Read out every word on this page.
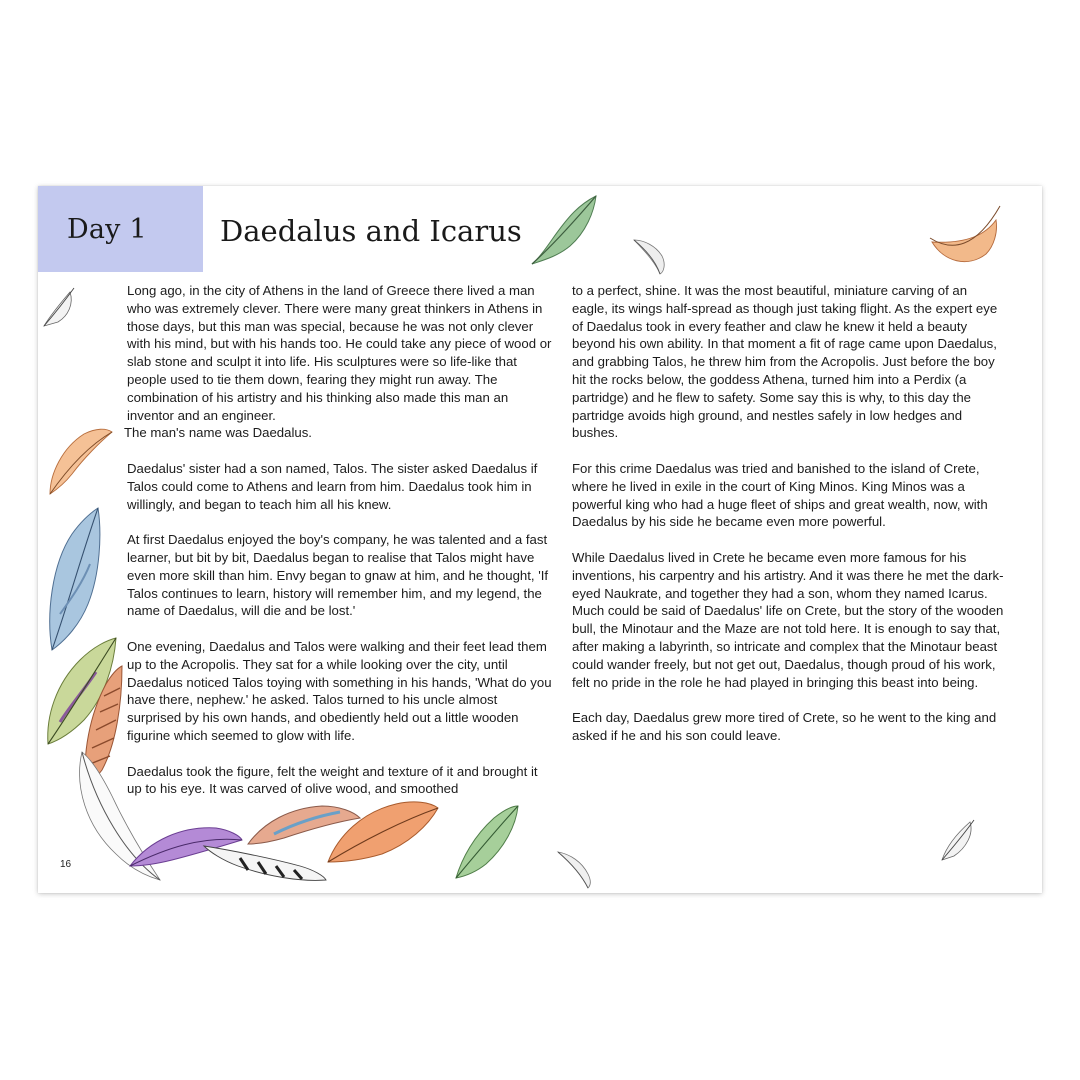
Day 1	Daedalus and Icarus

Long ago, in the city of Athens in the land of Greece there lived a man who was extremely clever. There were many great thinkers in Athens in those days, but this man was special, because he was not only clever with his mind, but with his hands too. He could take any piece of wood or slab stone and sculpt it into life. His sculptures were so life-like that people used to tie them down, fearing they might run away. The combination of his artistry and his thinking also made this man an inventor and an engineer.
The man's name was Daedalus.

Daedalus' sister had a son named, Talos. The sister asked Daedalus if Talos could come to Athens and learn from him. Daedalus took him in willingly, and began to teach him all his knew.

At first Daedalus enjoyed the boy's company, he was talented and a fast learner, but bit by bit, Daedalus began to realise that Talos might have even more skill than him. Envy began to gnaw at him, and he thought, 'If Talos continues to learn, history will remember him, and my legend, the name of Daedalus, will die and be lost.'

One evening, Daedalus and Talos were walking and their feet lead them up to the Acropolis. They sat for a while looking over the city, until Daedalus noticed Talos toying with something in his hands, 'What do you have there, nephew.' he asked. Talos turned to his uncle almost surprised by his own hands, and obediently held out a little wooden figurine which seemed to glow with life.

Daedalus took the figure, felt the weight and texture of it and brought it up to his eye. It was carved of olive wood, and smoothed

to a perfect, shine. It was the most beautiful, miniature carving of an eagle, its wings half-spread as though just taking flight. As the expert eye of Daedalus took in every feather and claw he knew it held a beauty beyond his own ability. In that moment a fit of rage came upon Daedalus, and grabbing Talos, he threw him from the Acropolis. Just before the boy hit the rocks below, the goddess Athena, turned him into a Perdix (a partridge) and he flew to safety. Some say this is why, to this day the partridge avoids high ground, and nestles safely in low hedges and bushes.

For this crime Daedalus was tried and banished to the island of Crete, where he lived in exile in the court of King Minos. King Minos was a powerful king who had a huge fleet of ships and great wealth, now, with Daedalus by his side he became even more powerful.

While Daedalus lived in Crete he became even more famous for his inventions, his carpentry and his artistry. And it was there he met the dark-eyed Naukrate, and together they had a son, whom they named Icarus. Much could be said of Daedalus' life on Crete, but the story of the wooden bull, the Minotaur and the Maze are not told here. It is enough to say that, after making a labyrinth, so intricate and complex that the Minotaur beast could wander freely, but not get out, Daedalus, though proud of his work, felt no pride in the role he had played in bringing this beast into being.

Each day, Daedalus grew more tired of Crete, so he went to the king and asked if he and his son could leave.

16
